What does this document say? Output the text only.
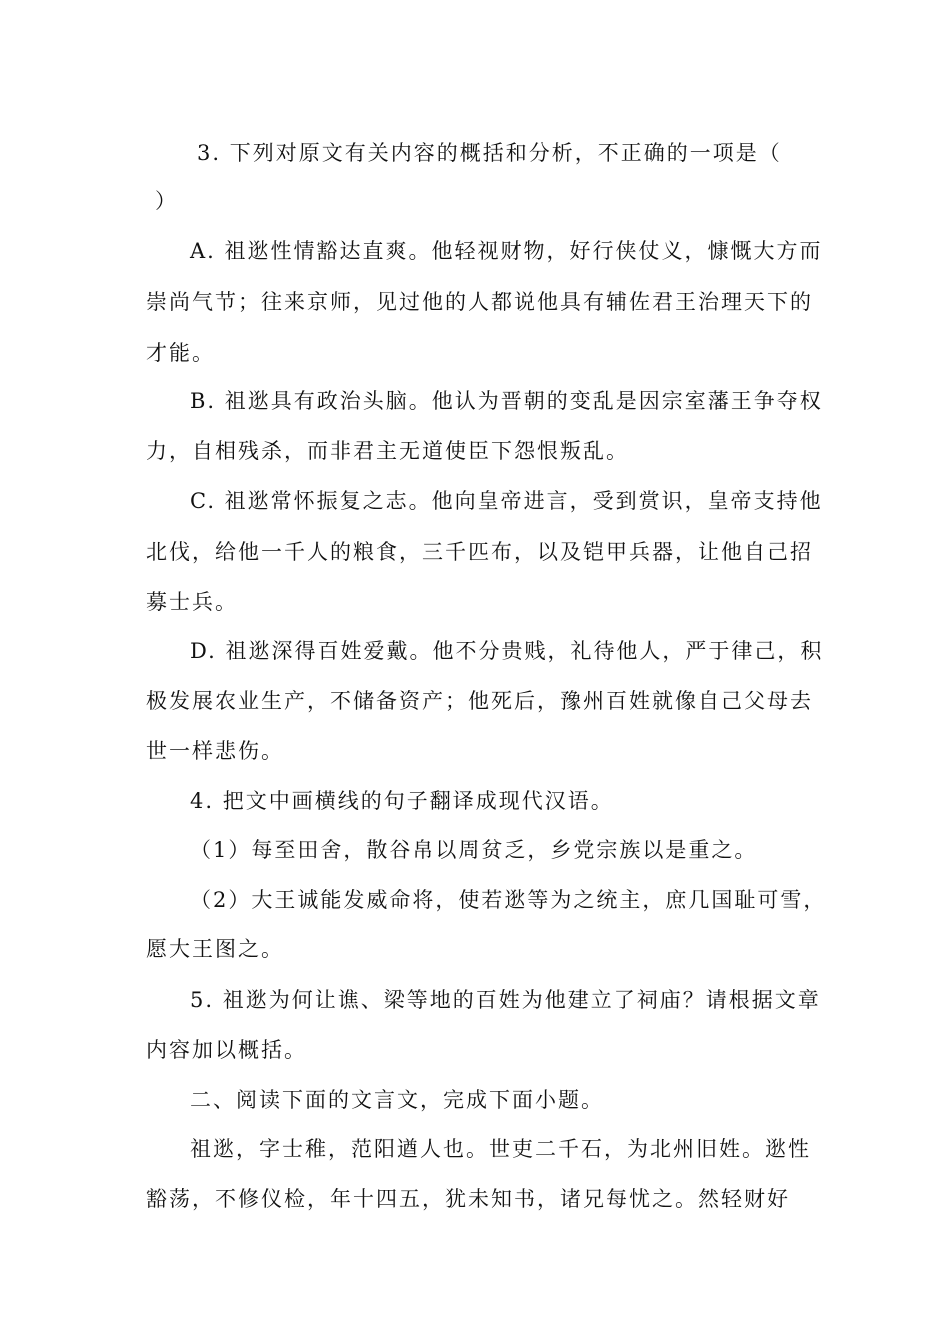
3. 下列对原文有关内容的概括和分析，不正确的一项是（
）
A. 祖逖性情豁达直爽。他轻视财物，好行侠仗义，慷慨大方而
崇尚气节；往来京师，见过他的人都说他具有辅佐君王治理天下的
才能。
B. 祖逖具有政治头脑。他认为晋朝的变乱是因宗室藩王争夺权
力，自相残杀，而非君主无道使臣下怨恨叛乱。
C. 祖逖常怀振复之志。他向皇帝进言，受到赏识，皇帝支持他
北伐，给他一千人的粮食，三千匹布，以及铠甲兵器，让他自己招
募士兵。
D. 祖逖深得百姓爱戴。他不分贵贱，礼待他人，严于律己，积
极发展农业生产，不储备资产；他死后，豫州百姓就像自己父母去
世一样悲伤。
4. 把文中画横线的句子翻译成现代汉语。
（1）每至田舍，散谷帛以周贫乏，乡党宗族以是重之。
（2）大王诚能发威命将，使若逖等为之统主，庶几国耻可雪，
愿大王图之。
5. 祖逖为何让谯、梁等地的百姓为他建立了祠庙？请根据文章
内容加以概括。
二、阅读下面的文言文，完成下面小题。
祖逖，字士稚，范阳遒人也。世吏二千石，为北州旧姓。逖性
豁荡，不修仪检，年十四五，犹未知书，诸兄每忧之。然轻财好
